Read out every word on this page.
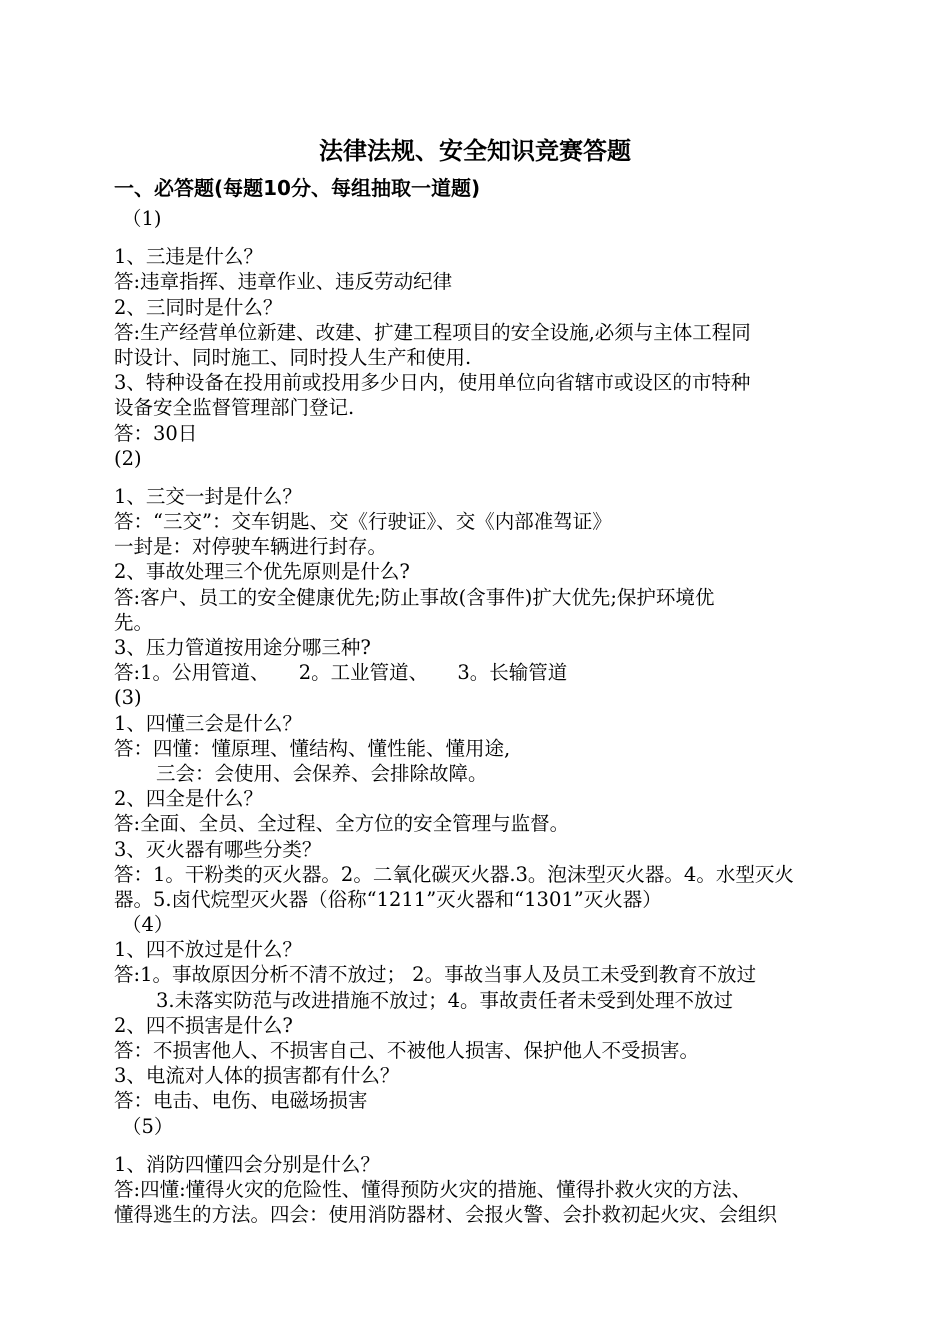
法律法规、安全知识竞赛答题
一、必答题(每题10分、每组抽取一道题)
（1)
1、三违是什么？
答:违章指挥、违章作业、违反劳动纪律
2、三同时是什么？
答:生产经营单位新建、改建、扩建工程项目的安全设施,必须与主体工程同
时设计、同时施工、同时投人生产和使用.
3、特种设备在投用前或投用多少日内，使用单位向省辖市或设区的市特种
设备安全监督管理部门登记.
答：30日
(2)
1、三交一封是什么？
答：“三交”：交车钥匙、交《行驶证》、交《内部准驾证》
一封是：对停驶车辆进行封存。
2、事故处理三个优先原则是什么?
答:客户、员工的安全健康优先;防止事故(含事件)扩大优先;保护环境优
先。
3、压力管道按用途分哪三种?
答:1。公用管道、　　2。工业管道、　　3。长输管道
(3)
1、四懂三会是什么？
答：四懂：懂原理、懂结构、懂性能、懂用途,
三会：会使用、会保养、会排除故障。
2、四全是什么？
答:全面、全员、全过程、全方位的安全管理与监督。
3、灭火器有哪些分类？
答：1。干粉类的灭火器。2。二氧化碳灭火器.3。泡沫型灭火器。4。水型灭火
器。5.卤代烷型灭火器（俗称“1211”灭火器和“1301”灭火器）
（4）
1、四不放过是什么？
答:1。事故原因分析不清不放过； 2。事故当事人及员工未受到教育不放过
3.未落实防范与改进措施不放过；4。事故责任者未受到处理不放过
2、四不损害是什么?
答：不损害他人、不损害自己、不被他人损害、保护他人不受损害。
3、电流对人体的损害都有什么？
答：电击、电伤、电磁场损害
（5）
1、消防四懂四会分别是什么？
答:四懂:懂得火灾的危险性、懂得预防火灾的措施、懂得扑救火灾的方法、
懂得逃生的方法。四会：使用消防器材、会报火警、会扑救初起火灾、会组织
